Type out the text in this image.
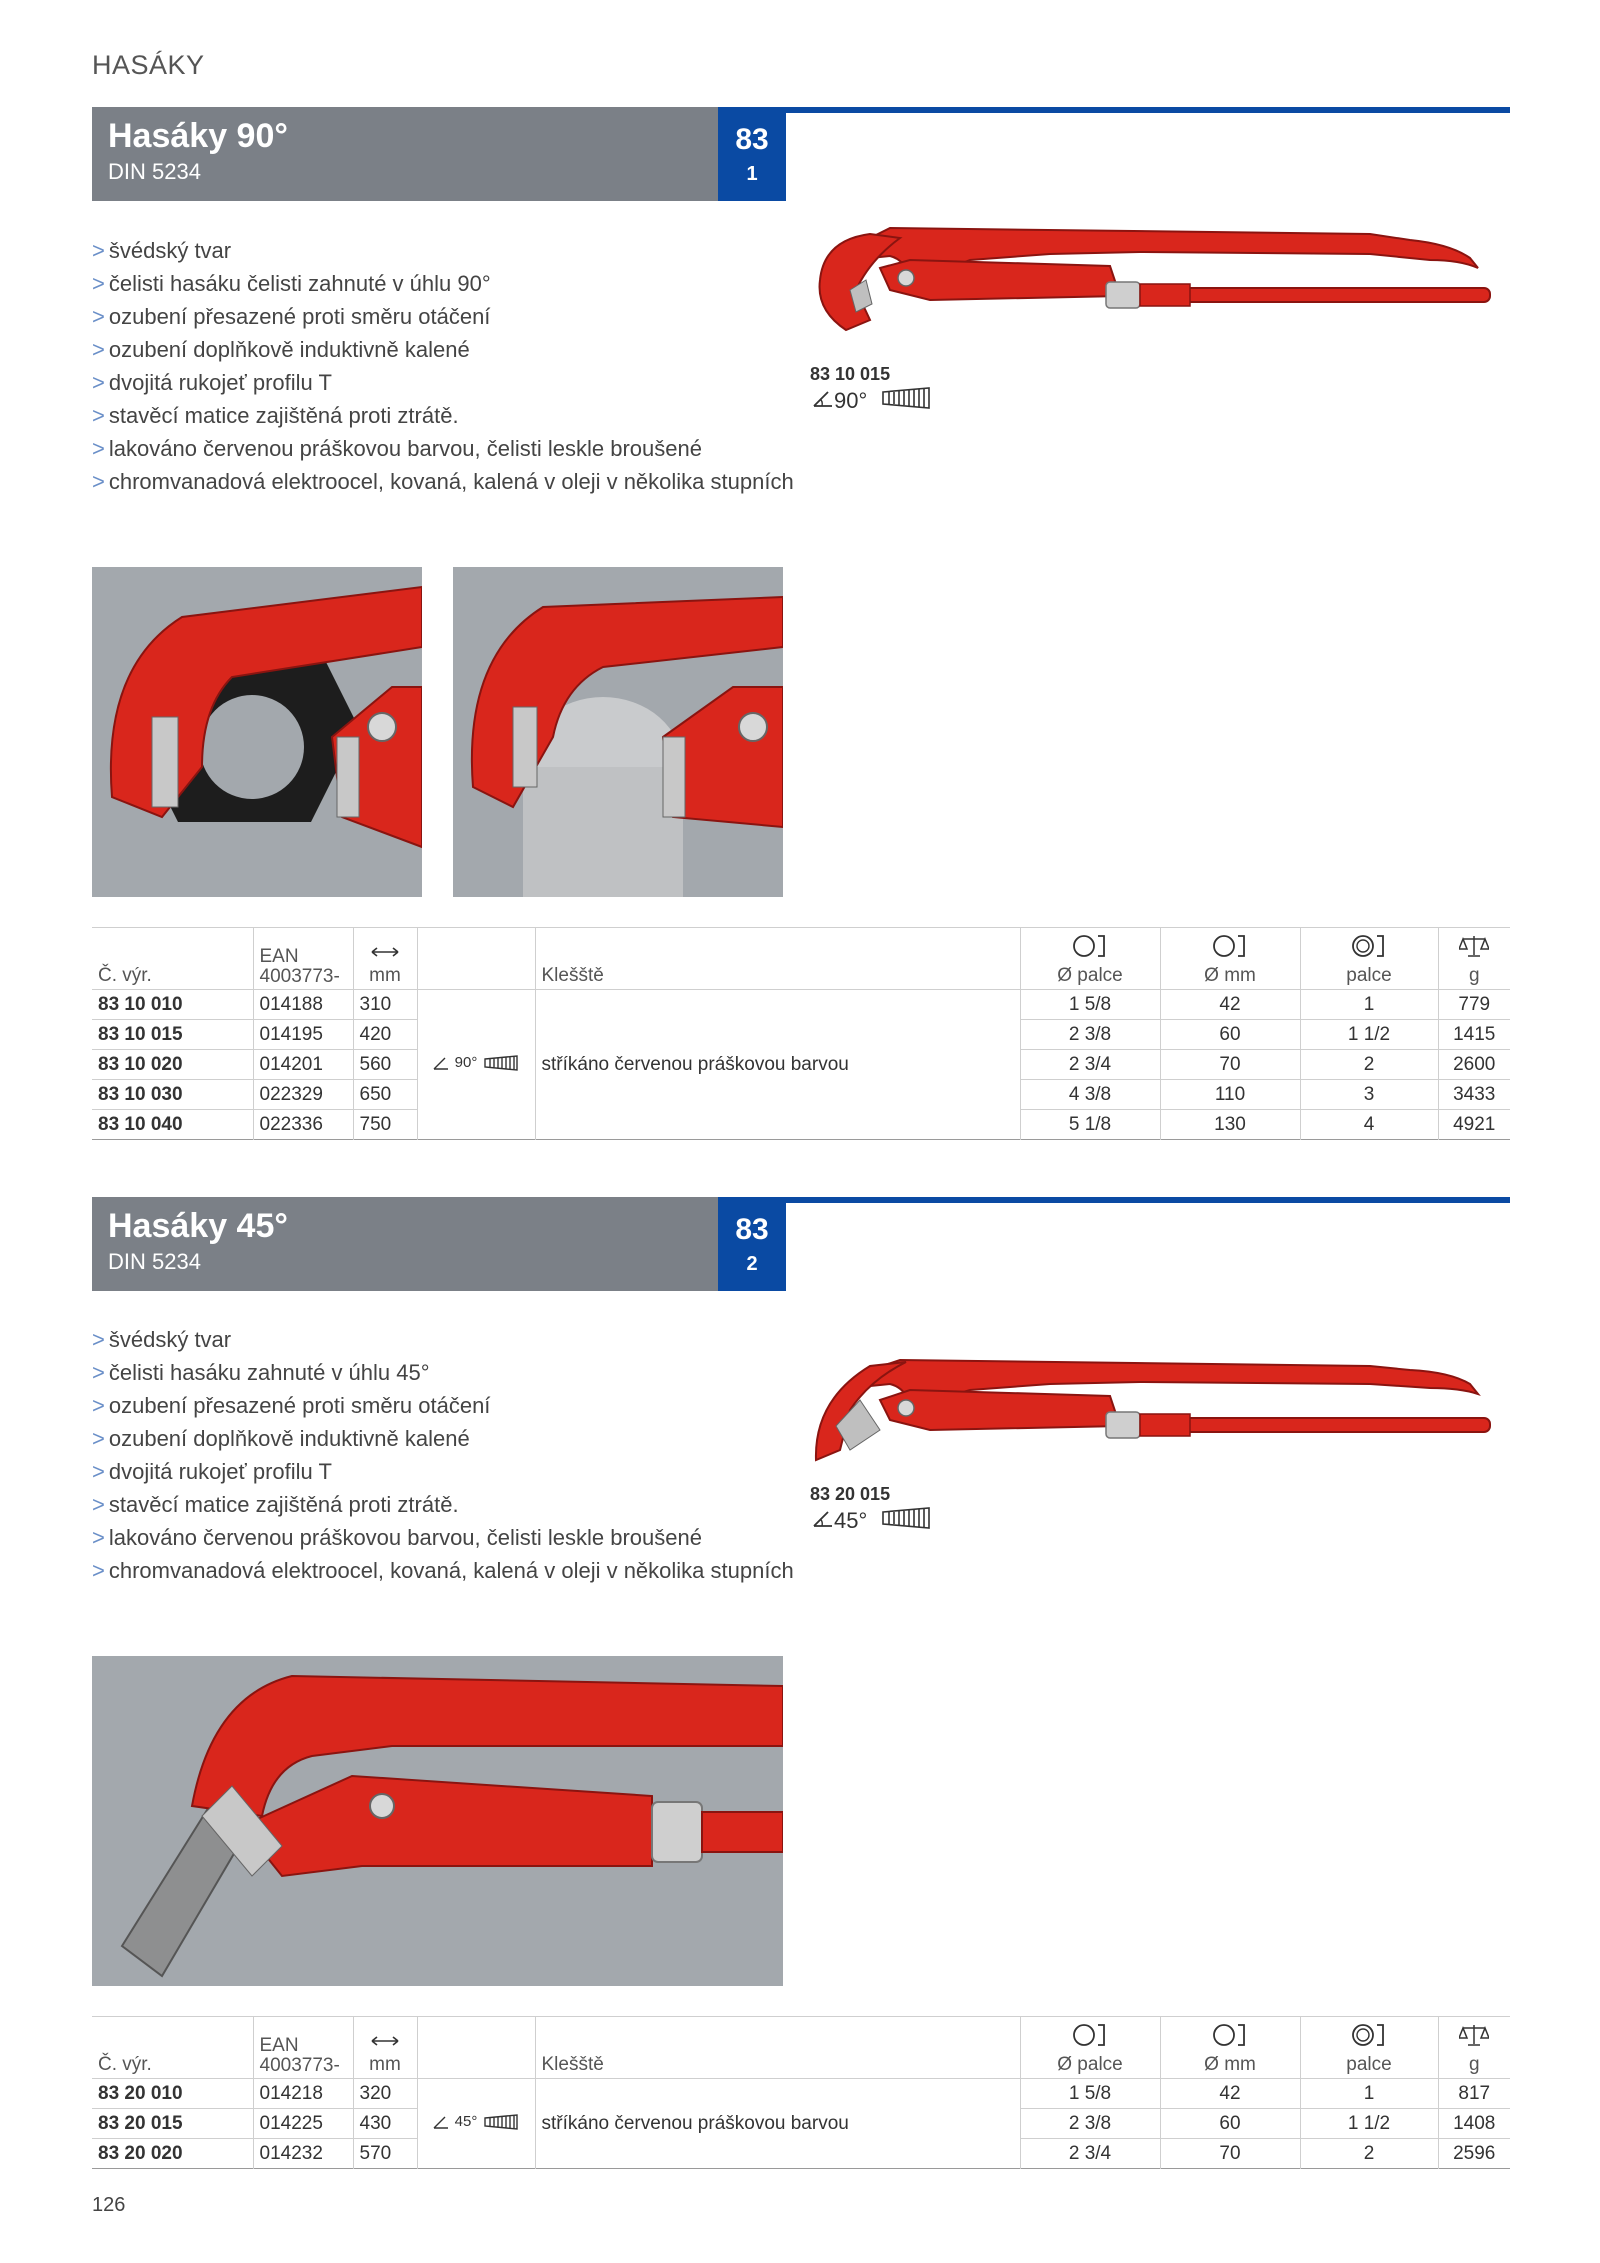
HASÁKY
Hasáky 90°
DIN 5234
83
1
> švédský tvar
> čelisti hasáku čelisti zahnuté v úhlu 90°
> ozubení přesazené proti směru otáčení
> ozubení doplňkově induktivně kalené
> dvojitá rukojeť profilu T
> stavěcí matice zajištěná proti ztrátě.
> lakováno červenou práškovou barvou, čelisti leskle broušené
> chromvanadová elektroocel, kovaná, kalená v oleji v několika stupních
83 10 015
90°
Č. výr.	EAN
4003773-	mm		Klešště	Ø palce	Ø mm	palce	g

83 10 010	014188	310	90°	stříkáno červenou práškovou barvou	1 5/8	42	1	779
83 10 015	014195	420			2 3/8	60	1 1/2	1415
83 10 020	014201	560			2 3/4	70	2	2600
83 10 030	022329	650			4 3/8	110	3	3433
83 10 040	022336	750			5 1/8	130	4	4921
Hasáky 45°
DIN 5234
83
2
> švédský tvar
> čelisti hasáku zahnuté v úhlu 45°
> ozubení přesazené proti směru otáčení
> ozubení doplňkově induktivně kalené
> dvojitá rukojeť profilu T
> stavěcí matice zajištěná proti ztrátě.
> lakováno červenou práškovou barvou, čelisti leskle broušené
> chromvanadová elektroocel, kovaná, kalená v oleji v několika stupních
83 20 015
45°
Č. výr.	EAN
4003773-	mm		Klešště	Ø palce	Ø mm	palce	g

83 20 010	014218	320	45°	stříkáno červenou práškovou barvou	1 5/8	42	1	817
83 20 015	014225	430			2 3/8	60	1 1/2	1408
83 20 020	014232	570			2 3/4	70	2	2596
126
